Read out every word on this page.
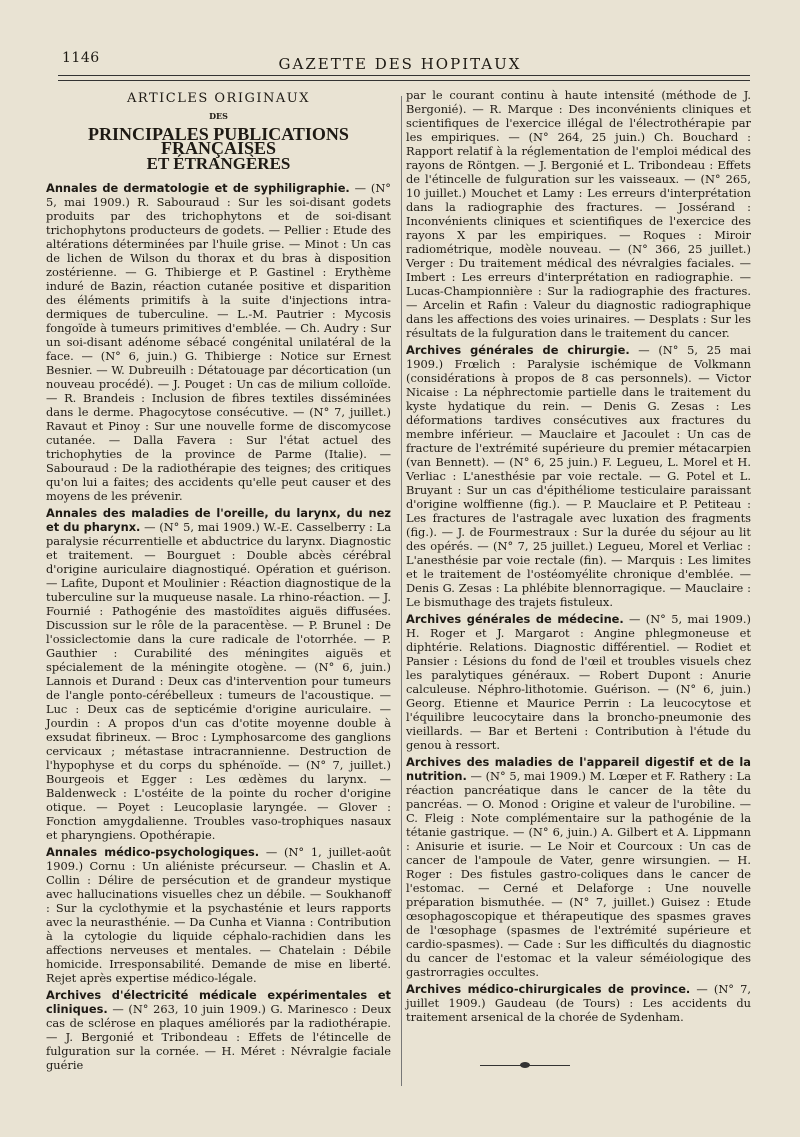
1146	GAZETTE DES HOPITAUX
ARTICLES ORIGINAUX
DES
PRINCIPALES PUBLICATIONS FRANÇAISES
ET ÉTRANGÈRES

Annales de dermatologie et de syphiligraphie. — (N° 5, mai 1909.) R. Sabouraud : Sur les soi-disant godets produits par des trichophytons et de soi-disant trichophytons producteurs de godets. — Pellier : Etude des altérations déterminées par l'huile grise. — Minot : Un cas de lichen de Wilson du thorax et du bras à disposition zostérienne. — G. Thibierge et P. Gastinel : Erythème induré de Bazin, réaction cutanée positive et disparition des éléments primitifs à la suite d'injections intra-dermiques de tuberculine. — L.-M. Pautrier : Mycosis fongoïde à tumeurs primitives d'emblée. — Ch. Audry : Sur un soi-disant adénome sébacé congénital unilatéral de la face. — (N° 6, juin.) G. Thibierge : Notice sur Ernest Besnier. — W. Dubreuilh : Détatouage par décortication (un nouveau procédé). — J. Pouget : Un cas de milium colloïde. — R. Brandeis : Inclusion de fibres textiles disséminées dans le derme. Phagocytose consécutive. — (N° 7, juillet.) Ravaut et Pinoy : Sur une nouvelle forme de discomycose cutanée. — Dalla Favera : Sur l'état actuel des trichophyties de la province de Parme (Italie). — Sabouraud : De la radiothérapie des teignes; des critiques qu'on lui a faites; des accidents qu'elle peut causer et des moyens de les prévenir.

Annales des maladies de l'oreille, du larynx, du nez et du pharynx. — (N° 5, mai 1909.) W.-E. Casselberry : La paralysie récurrentielle et abductrice du larynx. Diagnostic et traitement. — Bourguet : Double abcès cérébral d'origine auriculaire diagnostiqué. Opération et guérison. — Lafite, Dupont et Moulinier : Réaction diagnostique de la tuberculine sur la muqueuse nasale. La rhino-réaction. — J. Fournié : Pathogénie des mastoïdites aiguës diffusées. Discussion sur le rôle de la paracentèse. — P. Brunel : De l'ossiclectomie dans la cure radicale de l'otorrhée. — P. Gauthier : Curabilité des méningites aiguës et spécialement de la méningite otogène. — (N° 6, juin.) Lannois et Durand : Deux cas d'intervention pour tumeurs de l'angle ponto-cérébelleux : tumeurs de l'acoustique. — Luc : Deux cas de septicémie d'origine auriculaire. — Jourdin : A propos d'un cas d'otite moyenne double à exsudat fibrineux. — Broc : Lymphosarcome des ganglions cervicaux ; métastase intracrannienne. Destruction de l'hypophyse et du corps du sphénoïde. — (N° 7, juillet.) Bourgeois et Egger : Les œdèmes du larynx. — Baldenweck : L'ostéite de la pointe du rocher d'origine otique. — Poyet : Leucoplasie laryngée. — Glover : Fonction amygdalienne. Troubles vaso-trophiques nasaux et pharyngiens. Opothérapie.

Annales médico-psychologiques. — (N° 1, juillet-août 1909.) Cornu : Un aliéniste précurseur. — Chaslin et A. Collin : Délire de persécution et de grandeur mystique avec hallucinations visuelles chez un débile. — Soukhanoff : Sur la cyclothymie et la psychasténie et leurs rapports avec la neurasthénie. — Da Cunha et Vianna : Contribution à la cytologie du liquide céphalo-rachidien dans les affections nerveuses et mentales. — Chatelain : Débile homicide. Irresponsabilité. Demande de mise en liberté. Rejet après expertise médico-légale.

Archives d'électricité médicale expérimentales et cliniques. — (N° 263, 10 juin 1909.) G. Marinesco : Deux cas de sclérose en plaques améliorés par la radiothérapie. — J. Bergonié et Tribondeau : Effets de l'étincelle de fulguration sur la cornée. — H. Méret : Névralgie faciale guérie

par le courant continu à haute intensité (méthode de J. Bergonié). — R. Marque : Des inconvénients cliniques et scientifiques de l'exercice illégal de l'électrothérapie par les empiriques. — (N° 264, 25 juin.) Ch. Bouchard : Rapport relatif à la réglementation de l'emploi médical des rayons de Röntgen. — J. Bergonié et L. Tribondeau : Effets de l'étincelle de fulguration sur les vaisseaux. — (N° 265, 10 juillet.) Mouchet et Lamy : Les erreurs d'interprétation dans la radiographie des fractures. — Jossérand : Inconvénients cliniques et scientifiques de l'exercice des rayons X par les empiriques. — Roques : Miroir radiométrique, modèle nouveau. — (N° 366, 25 juillet.) Verger : Du traitement médical des névralgies faciales. — Imbert : Les erreurs d'interprétation en radiographie. — Lucas-Championnière : Sur la radiographie des fractures. — Arcelin et Rafin : Valeur du diagnostic radiographique dans les affections des voies urinaires. — Desplats : Sur les résultats de la fulguration dans le traitement du cancer.

Archives générales de chirurgie. — (N° 5, 25 mai 1909.) Frœlich : Paralysie ischémique de Volkmann (considérations à propos de 8 cas personnels). — Victor Nicaise : La néphrectomie partielle dans le traitement du kyste hydatique du rein. — Denis G. Zesas : Les déformations tardives consécutives aux fractures du membre inférieur. — Mauclaire et Jacoulet : Un cas de fracture de l'extrémité supérieure du premier métacarpien (van Bennett). — (N° 6, 25 juin.) F. Legueu, L. Morel et H. Verliac : L'anesthésie par voie rectale. — G. Potel et L. Bruyant : Sur un cas d'épithéliome testiculaire paraissant d'origine wolffienne (fig.). — P. Mauclaire et P. Petiteau : Les fractures de l'astragale avec luxation des fragments (fig.). — J. de Fourmestraux : Sur la durée du séjour au lit des opérés. — (N° 7, 25 juillet.) Legueu, Morel et Verliac : L'anesthésie par voie rectale (fin). — Marquis : Les limites et le traitement de l'ostéomyélite chronique d'emblée. — Denis G. Zesas : La phlébite blennorragique. — Mauclaire : Le bismuthage des trajets fistuleux.

Archives générales de médecine. — (N° 5, mai 1909.) H. Roger et J. Margarot : Angine phlegmoneuse et diphtérie. Relations. Diagnostic différentiel. — Rodiet et Pansier : Lésions du fond de l'œil et troubles visuels chez les paralytiques généraux. — Robert Dupont : Anurie calculeuse. Néphro-lithotomie. Guérison. — (N° 6, juin.) Georg. Etienne et Maurice Perrin : La leucocytose et l'équilibre leucocytaire dans la broncho-pneumonie des vieillards. — Bar et Berteni : Contribution à l'étude du genou à ressort.

Archives des maladies de l'appareil digestif et de la nutrition. — (N° 5, mai 1909.) M. Lœper et F. Rathery : La réaction pancréatique dans le cancer de la tête du pancréas. — O. Monod : Origine et valeur de l'urobiline. — C. Fleig : Note complémentaire sur la pathogénie de la tétanie gastrique. — (N° 6, juin.) A. Gilbert et A. Lippmann : Anisurie et isurie. — Le Noir et Courcoux : Un cas de cancer de l'ampoule de Vater, genre wirsungien. — H. Roger : Des fistules gastro-coliques dans le cancer de l'estomac. — Cerné et Delaforge : Une nouvelle préparation bismuthée. — (N° 7, juillet.) Guisez : Etude œsophagoscopique et thérapeutique des spasmes graves de l'œsophage (spasmes de l'extrémité supérieure et cardio-spasmes). — Cade : Sur les difficultés du diagnostic du cancer de l'estomac et la valeur séméiologique des gastrorragies occultes.

Archives médico-chirurgicales de province. — (N° 7, juillet 1909.) Gaudeau (de Tours) : Les accidents du traitement arsenical de la chorée de Sydenham.
